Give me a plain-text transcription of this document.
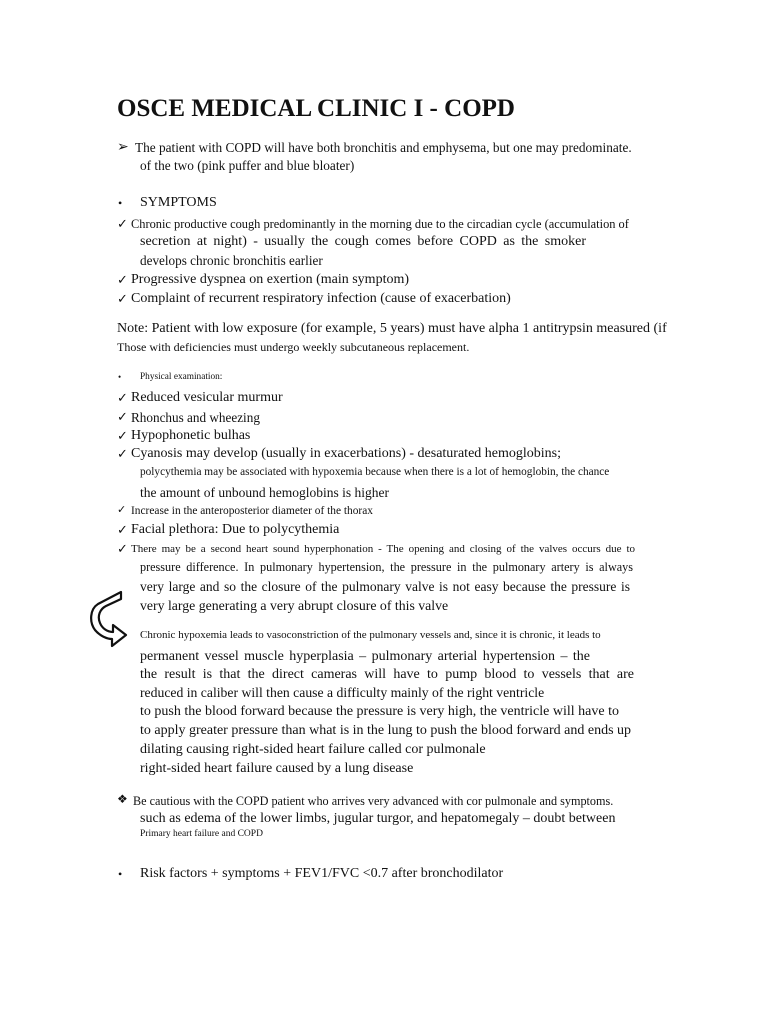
OSCE MEDICAL CLINIC I - COPD
➢ The patient with COPD will have both bronchitis and emphysema, but one may predominate.
of the two (pink puffer and blue bloater)
• SYMPTOMS
✓ Chronic productive cough predominantly in the morning due to the circadian cycle (accumulation of
secretion at night) - usually the cough comes before COPD as the smoker
develops chronic bronchitis earlier
✓ Progressive dyspnea on exertion (main symptom)
✓ Complaint of recurrent respiratory infection (cause of exacerbation)
Note: Patient with low exposure (for example, 5 years) must have alpha 1 antitrypsin measured (if
Those with deficiencies must undergo weekly subcutaneous replacement.
• Physical examination:
✓ Reduced vesicular murmur
✓ Rhonchus and wheezing
✓ Hypophonetic bulhas
✓ Cyanosis may develop (usually in exacerbations) - desaturated hemoglobins;
polycythemia may be associated with hypoxemia because when there is a lot of hemoglobin, the chance
the amount of unbound hemoglobins is higher
✓ Increase in the anteroposterior diameter of the thorax
✓ Facial plethora: Due to polycythemia
✓ There may be a second heart sound hyperphonation - The opening and closing of the valves occurs due to
pressure difference. In pulmonary hypertension, the pressure in the pulmonary artery is always
very large and so the closure of the pulmonary valve is not easy because the pressure is
very large generating a very abrupt closure of this valve
Chronic hypoxemia leads to vasoconstriction of the pulmonary vessels and, since it is chronic, it leads to
permanent vessel muscle hyperplasia – pulmonary arterial hypertension – the
the result is that the direct cameras will have to pump blood to vessels that are
reduced in caliber will then cause a difficulty mainly of the right ventricle
to push the blood forward because the pressure is very high, the ventricle will have to
to apply greater pressure than what is in the lung to push the blood forward and ends up
dilating causing right-sided heart failure called cor pulmonale
right-sided heart failure caused by a lung disease
❖ Be cautious with the COPD patient who arrives very advanced with cor pulmonale and symptoms.
such as edema of the lower limbs, jugular turgor, and hepatomegaly – doubt between
Primary heart failure and COPD
• Risk factors + symptoms + FEV1/FVC <0.7 after bronchodilator
